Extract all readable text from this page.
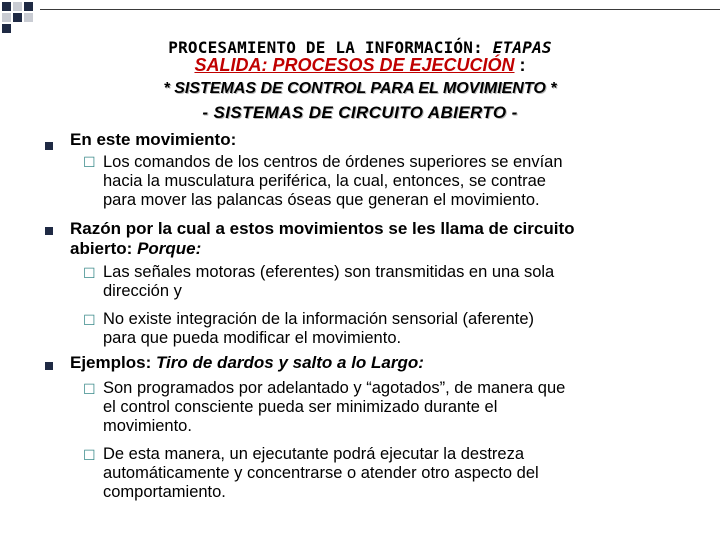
PROCESAMIENTO DE LA INFORMACIÓN: ETAPAS
SALIDA: PROCESOS DE EJECUCIÓN :
* SISTEMAS DE CONTROL PARA EL MOVIMIENTO *
- SISTEMAS DE CIRCUITO ABIERTO -
En este movimiento:
☐ Los comandos de los centros de órdenes superiores se envían
hacia la musculatura periférica, la cual, entonces, se contrae
para mover las palancas óseas que generan el movimiento.
Razón por la cual a estos movimientos se les llama de circuito
abierto: Porque:
☐ Las señales motoras (eferentes) son transmitidas en una sola
dirección y
☐ No existe integración de la información sensorial (aferente)
para que pueda modificar el movimiento.
Ejemplos: Tiro de dardos y salto a lo Largo:
☐ Son programados por adelantado y “agotados”, de manera que
el control consciente pueda ser minimizado durante el
movimiento.
☐ De esta manera, un ejecutante podrá ejecutar la destreza
automáticamente y concentrarse o atender otro aspecto del
comportamiento.
